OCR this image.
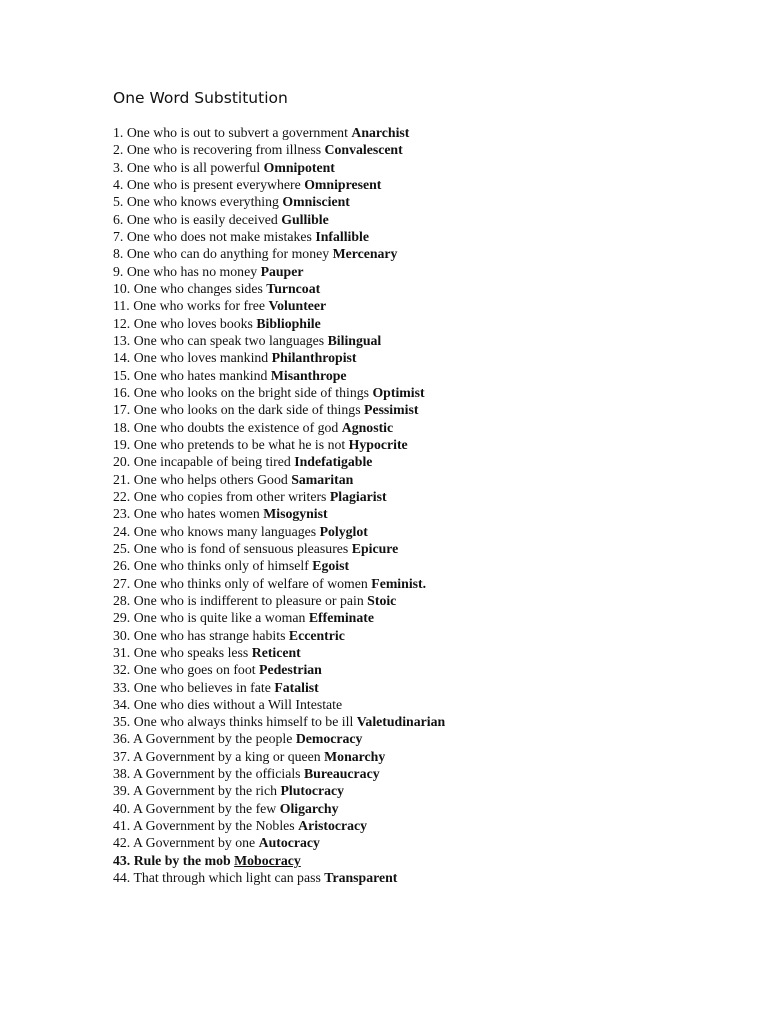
One Word Substitution
1. One who is out to subvert a government Anarchist
2. One who is recovering from illness Convalescent
3. One who is all powerful Omnipotent
4. One who is present everywhere Omnipresent
5. One who knows everything Omniscient
6. One who is easily deceived Gullible
7. One who does not make mistakes Infallible
8. One who can do anything for money Mercenary
9. One who has no money Pauper
10. One who changes sides Turncoat
11. One who works for free Volunteer
12. One who loves books Bibliophile
13. One who can speak two languages Bilingual
14. One who loves mankind Philanthropist
15. One who hates mankind Misanthrope
16. One who looks on the bright side of things Optimist
17. One who looks on the dark side of things Pessimist
18. One who doubts the existence of god Agnostic
19. One who pretends to be what he is not Hypocrite
20. One incapable of being tired Indefatigable
21. One who helps others Good Samaritan
22. One who copies from other writers Plagiarist
23. One who hates women Misogynist
24. One who knows many languages Polyglot
25. One who is fond of sensuous pleasures Epicure
26. One who thinks only of himself Egoist
27. One who thinks only of welfare of women Feminist.
28. One who is indifferent to pleasure or pain Stoic
29. One who is quite like a woman Effeminate
30. One who has strange habits Eccentric
31. One who speaks less Reticent
32. One who goes on foot Pedestrian
33. One who believes in fate Fatalist
34. One who dies without a Will Intestate
35. One who always thinks himself to be ill Valetudinarian
36. A Government by the people Democracy
37. A Government by a king or queen Monarchy
38. A Government by the officials Bureaucracy
39. A Government by the rich Plutocracy
40. A Government by the few Oligarchy
41. A Government by the Nobles Aristocracy
42. A Government by one Autocracy
43. Rule by the mob Mobocracy
44. That through which light can pass Transparent
